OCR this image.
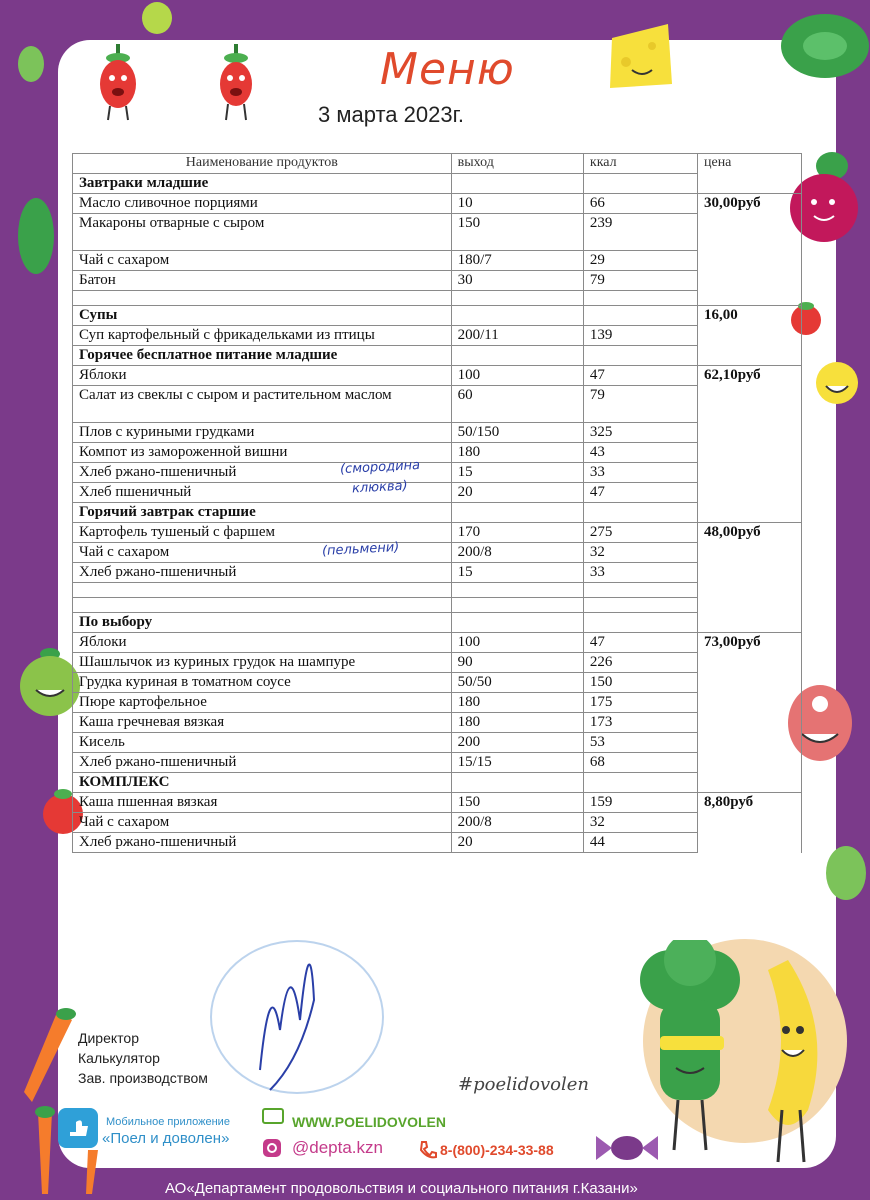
Меню
3 марта 2023г.
Наименование продуктов	выход	ккал	цена
Завтраки младшие			
Масло сливочное порциями	10	66	30,00руб
Макароны отварные с сыром	150	239	
Чай с сахаром	180/7	29	
Батон	30	79	

Супы			16,00
Суп картофельный с фрикадельками из птицы	200/11	139	
Горячее бесплатное питание младшие			
Яблоки	100	47	62,10руб
Салат из свеклы с сыром и растительном маслом	60	79	
Плов с куриными грудками	50/150	325	
Компот из замороженной вишни	180	43	
Хлеб ржано-пшеничный	15	33	
Хлеб пшеничный	20	47	
Горячий завтрак старшие			
Картофель тушеный с фаршем	170	275	48,00руб
Чай с сахаром	200/8	32	
Хлеб ржано-пшеничный	15	33	

По выбору			
Яблоки	100	47	73,00руб
Шашлычок из куриных грудок на шампуре	90	226	
Грудка куриная в томатном соусе	50/50	150	
Пюре картофельное	180	175	
Каша гречневая вязкая	180	173	
Кисель	200	53	
Хлеб ржано-пшеничный	15/15	68	
КОМПЛЕКС			
Каша пшенная вязкая	150	159	8,80руб
Чай с сахаром	200/8	32	
Хлеб ржано-пшеничный	20	44	
(смородина
клюква)
(пельмени)
Директор
Калькулятор
Зав. производством	#poelidovolen
Мобильное приложение
«Поел и доволен»
WWW.POELIDOVOLEN
@depta.kzn	8-(800)-234-33-88
АО«Департамент продовольствия и социального питания г.Казани»
